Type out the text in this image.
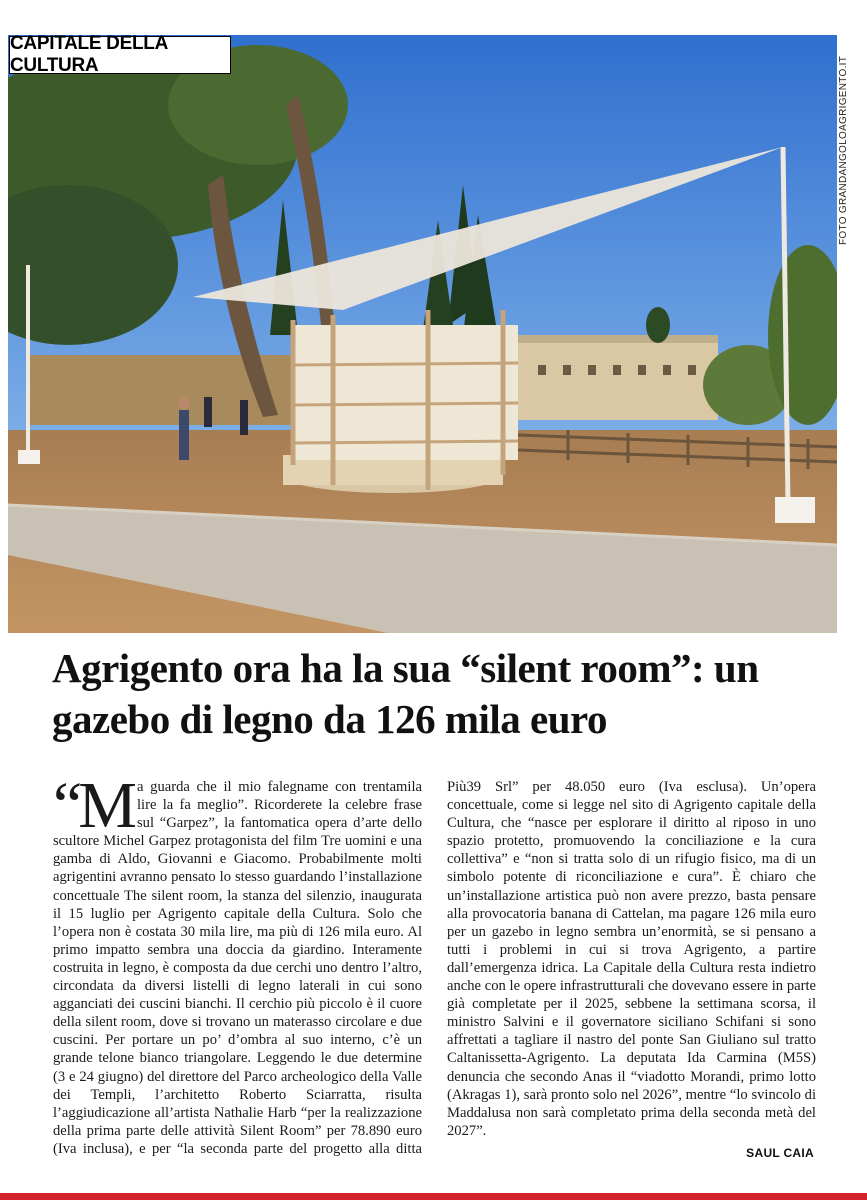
CAPITALE DELLA CULTURA	FOTO GRANDANGOLOAGRIGENTO.IT
Agrigento ora ha la sua “silent room”: un gazebo di legno da 126 mila euro

“Ma guarda che il mio falegname con trentamila lire la fa meglio”. Ricorderete la celebre frase sul “Garpez”, la fantomatica opera d’arte dello scultore Michel Garpez protagonista del film Tre uomini e una gamba di Aldo, Giovanni e Giacomo. Probabilmente molti agrigentini avranno pensato lo stesso guardando l’installazione concettuale The silent room, la stanza del silenzio, inaugurata il 15 luglio per Agrigento capitale della Cultura. Solo che l’opera non è costata 30 mila lire, ma più di 126 mila euro. Al primo impatto sembra una doccia da giardino. Interamente costruita in legno, è composta da due cerchi uno dentro l’altro, circondata da diversi listelli di legno laterali in cui sono agganciati dei cuscini bianchi. Il cerchio più piccolo è il cuore della silent room, dove si trovano un materasso circolare e due cuscini. Per portare un po’ d’ombra al suo interno, c’è un grande telone bianco triangolare. Leggendo le due determine (3 e 24 giugno) del direttore del Parco archeologico della Valle dei Templi, l’architetto Roberto Sciarratta, risulta l’aggiudicazione all’artista Nathalie Harb “per la realizzazione della prima parte delle attività Silent Room” per 78.890 euro (Iva inclusa), e per “la seconda parte del progetto alla ditta Più39 Srl” per 48.050 euro (Iva esclusa). Un’opera concettuale, come si legge nel sito di Agrigento capitale della Cultura, che “nasce per esplorare il diritto al riposo in uno spazio protetto, promuovendo la conciliazione e la cura collettiva” e “non si tratta solo di un rifugio fisico, ma di un simbolo potente di riconciliazione e cura”. È chiaro che un’installazione artistica può non avere prezzo, basta pensare alla provocatoria banana di Cattelan, ma pagare 126 mila euro per un gazebo in legno sembra un’enormità, se si pensano a tutti i problemi in cui si trova Agrigento, a partire dall’emergenza idrica. La Capitale della Cultura resta indietro anche con le opere infrastrutturali che dovevano essere in parte già completate per il 2025, sebbene la settimana scorsa, il ministro Salvini e il governatore siciliano Schifani si sono affrettati a tagliare il nastro del ponte San Giuliano sul tratto Caltanissetta-Agrigento. La deputata Ida Carmina (M5S) denuncia che secondo Anas il “viadotto Morandi, primo lotto (Akragas 1), sarà pronto solo nel 2026”, mentre “lo svincolo di Maddalusa non sarà completato prima della seconda metà del 2027”.

SAUL CAIA
